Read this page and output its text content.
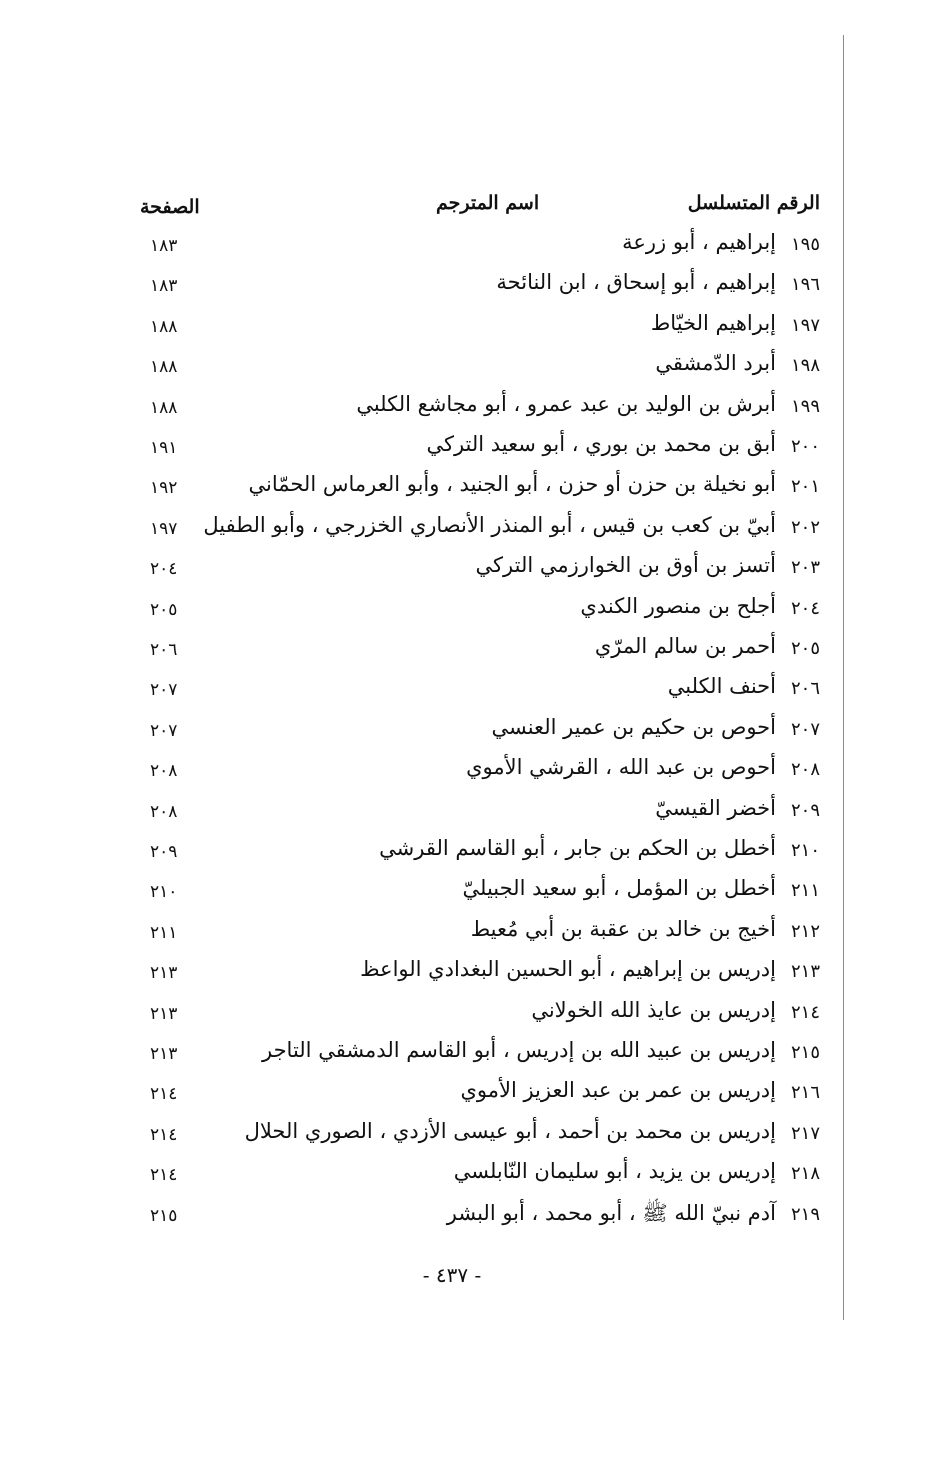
الرقم المتسلسل
اسم المترجم
الصفحة
١٩٥
إبراهيم ، أبو زرعة
١٨٣
١٩٦
إبراهيم ، أبو إسحاق ، ابن النائحة
١٨٣
١٩٧
إبراهيم الخيّاط
١٨٨
١٩٨
أبرد الدّمشقي
١٨٨
١٩٩
أبرش بن الوليد بن عبد عمرو ، أبو مجاشع الكلبي
١٨٨
٢٠٠
أبق بن محمد بن بوري ، أبو سعيد التركي
١٩١
٢٠١
أبو نخيلة بن حزن أو حزن ، أبو الجنيد ، وأبو العرماس الحمّاني
١٩٢
٢٠٢
أبيّ بن كعب بن قيس ، أبو المنذر الأنصاري الخزرجي ، وأبو الطفيل
١٩٧
٢٠٣
أتسز بن أوق بن الخوارزمي التركي
٢٠٤
٢٠٤
أجلح بن منصور الكندي
٢٠٥
٢٠٥
أحمر بن سالم المرّي
٢٠٦
٢٠٦
أحنف الكلبي
٢٠٧
٢٠٧
أحوص بن حكيم بن عمير العنسي
٢٠٧
٢٠٨
أحوص بن عبد الله ، القرشي الأموي
٢٠٨
٢٠٩
أخضر القيسيّ
٢٠٨
٢١٠
أخطل بن الحكم بن جابر ، أبو القاسم القرشي
٢٠٩
٢١١
أخطل بن المؤمل ، أبو سعيد الجبيليّ
٢١٠
٢١٢
أخيج بن خالد بن عقبة بن أبي مُعيط
٢١١
٢١٣
إدريس بن إبراهيم ، أبو الحسين البغدادي الواعظ
٢١٣
٢١٤
إدريس بن عايذ الله الخولاني
٢١٣
٢١٥
إدريس بن عبيد الله بن إدريس ، أبو القاسم الدمشقي التاجر
٢١٣
٢١٦
إدريس بن عمر بن عبد العزيز الأموي
٢١٤
٢١٧
إدريس بن محمد بن أحمد ، أبو عيسى الأزدي ، الصوري الحلال
٢١٤
٢١٨
إدريس بن يزيد ، أبو سليمان النّابلسي
٢١٤
٢١٩
آدم نبيّ الله ﷺ ، أبو محمد ، أبو البشر
٢١٥
- ٤٣٧ -
